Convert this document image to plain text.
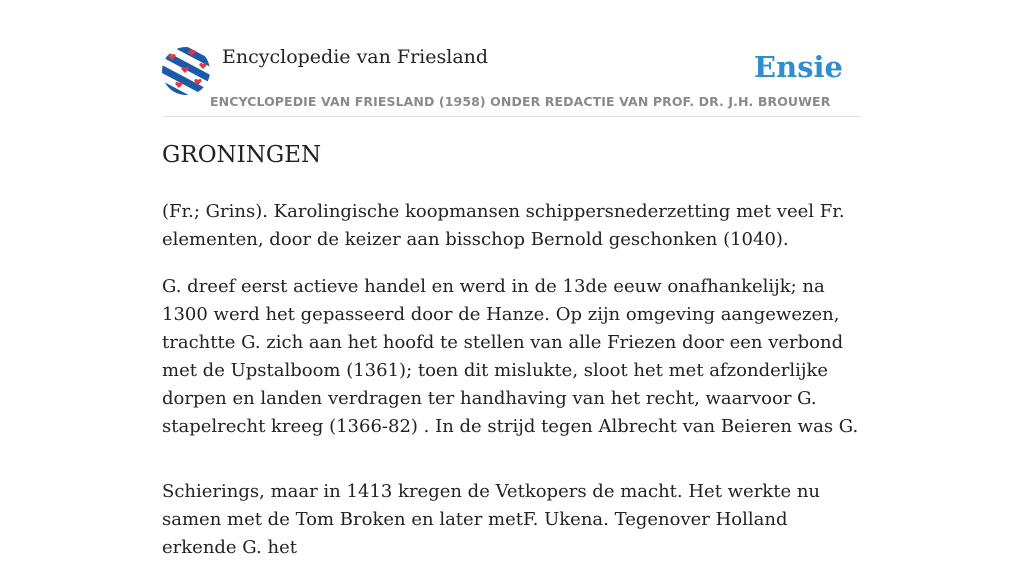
Encyclopedie van Friesland
ENCYCLOPEDIE VAN FRIESLAND (1958) ONDER REDACTIE VAN PROF. DR. J.H. BROUWER
Ensie
GRONINGEN

(Fr.; Grins). Karolingische koopmansen schippersnederzetting met veel Fr. elementen, door de keizer aan bisschop Bernold geschonken (1040).

G. dreef eerst actieve handel en werd in de 13de eeuw onafhankelijk; na 1300 werd het gepasseerd door de Hanze. Op zijn omgeving aangewezen, trachtte G. zich aan het hoofd te stellen van alle Friezen door een verbond met de Upstalboom (1361); toen dit mislukte, sloot het met afzonderlijke dorpen en landen verdragen ter handhaving van het recht, waarvoor G. stapelrecht kreeg (1366-82) . In de strijd tegen Albrecht van Beieren was G.

Schierings, maar in 1413 kregen de Vetkopers de macht. Het werkte nu samen met de Tom Broken en later metF. Ukena. Tegenover Holland erkende G. het
